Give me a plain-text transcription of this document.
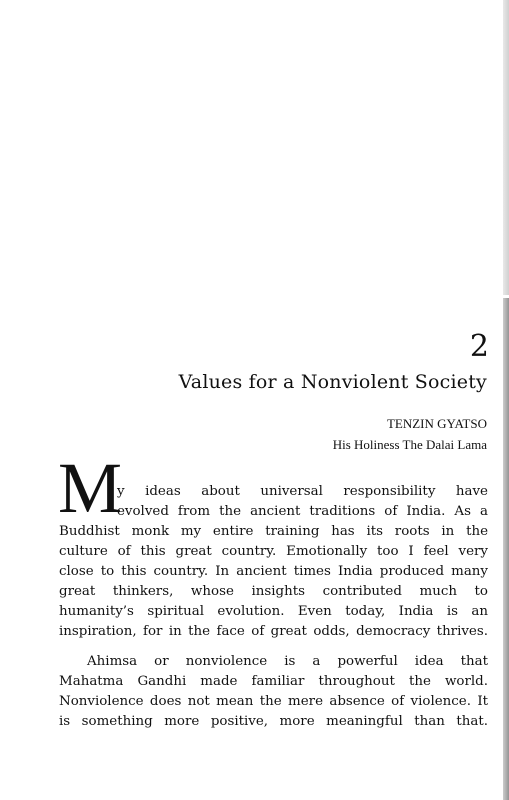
2
Values for a Nonviolent Society
TENZIN GYATSO
His Holiness The Dalai Lama
M
y ideas about universal responsibility have
evolved from the ancient traditions of India. As a
Buddhist monk my entire training has its roots in the
culture of this great country. Emotionally too I feel very
close to this country. In ancient times India produced many
great thinkers, whose insights contributed much to
humanity’s spiritual evolution. Even today, India is an
inspiration, for in the face of great odds, democracy thrives.
Ahimsa or nonviolence is a powerful idea that
Mahatma Gandhi made familiar throughout the world.
Nonviolence does not mean the mere absence of violence. It
is something more positive, more meaningful than that.
